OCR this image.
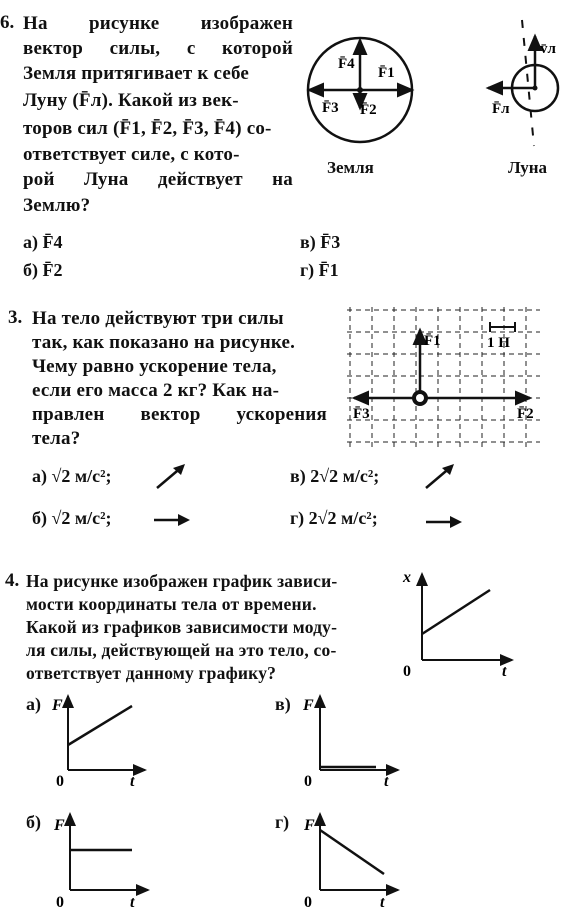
6. На рисунке изображен
вектор силы, с которой
Земля притягивает к себе
Луну (F̄л). Какой из век-
торов сил (F̄1, F̄2, F̄3, F̄4) со-
ответствует силе, с кото-
рой Луна действует на
Землю?
F̄4
F̄1
F̄3 F̄2
Земля
F̄л
v̄л
Луна
а) F̄4
б) F̄2
в) F̄3
г) F̄1
3. На тело действуют три силы
так, как показано на рисунке.
Чему равно ускорение тела,
если его масса 2 кг? Как на-
правлен вектор ускорения
тела?
F̄1
F̄3	F̄2
1 Н
а) √2 м/с²;
б) √2 м/с²;
в) 2√2 м/с²;
г) 2√2 м/с²;
4. На рисунке изображен график зависи-
мости координаты тела от времени.
Какой из графиков зависимости моду-
ля силы, действующей на это тело, со-
ответствует данному графику?
x
t
0
а) F
t
0
в) F
t
0
б) F
t
0
г) F
t
0
